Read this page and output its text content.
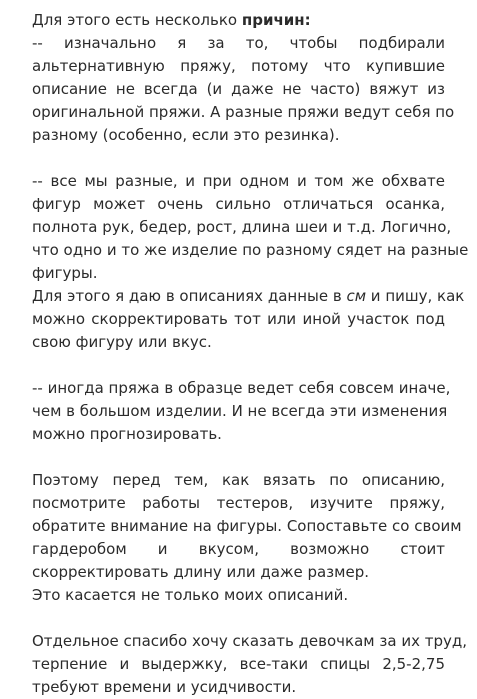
Для этого есть несколько причин:
-- изначально я за то, чтобы подбирали
альтернативную пряжу, потому что купившие
описание не всегда (и даже не часто) вяжут из
оригинальной пряжи. А разные пряжи ведут себя по
разному (особенно, если это резинка).
-- все мы разные, и при одном и том же обхвате
фигур может очень сильно отличаться осанка,
полнота рук, бедер, рост, длина шеи и т.д. Логично,
что одно и то же изделие по разному сядет на разные
фигуры.
Для этого я даю в описаниях данные в см и пишу, как
можно скорректировать тот или иной участок под
свою фигуру или вкус.
-- иногда пряжа в образце ведет себя совсем иначе,
чем в большом изделии. И не всегда эти изменения
можно прогнозировать.
Поэтому перед тем, как вязать по описанию,
посмотрите работы тестеров, изучите пряжу,
обратите внимание на фигуры. Сопоставьте со своим
гардеробом и вкусом, возможно стоит
скорректировать длину или даже размер.
Это касается не только моих описаний.
Отдельное спасибо хочу сказать девочкам за их труд,
терпение и выдержку, все-таки спицы 2,5-2,75
требуют времени и усидчивости.
